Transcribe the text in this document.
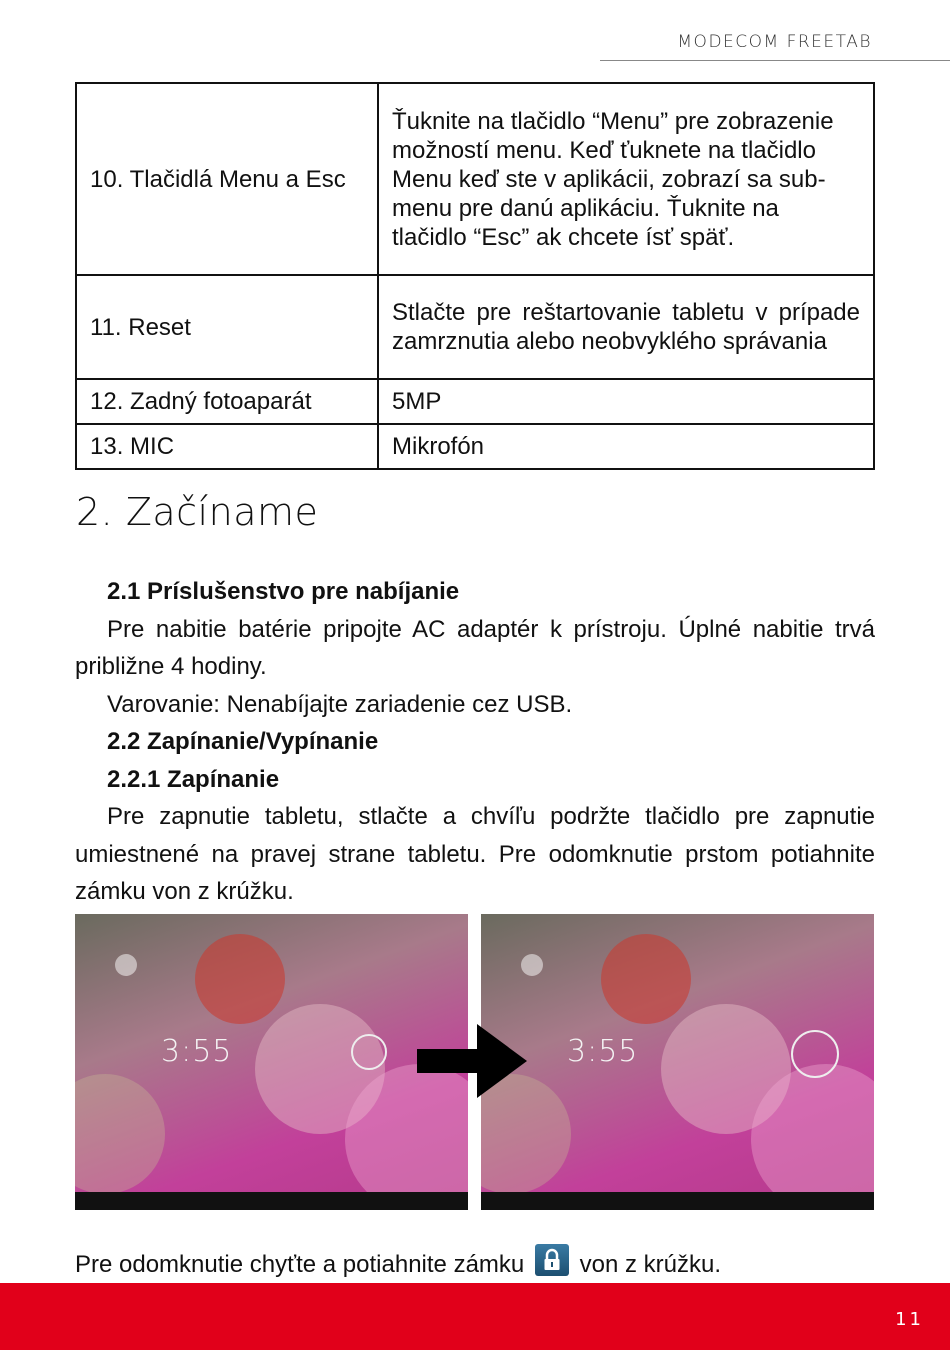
MODECOM FREETAB
10. Tlačidlá Menu a Esc	Ťuknite na tlačidlo “Menu” pre zobrazenie možností menu. Keď ťuknete na tlačidlo Menu keď ste v aplikácii, zobrazí sa sub-menu pre danú aplikáciu. Ťuknite na tlačidlo “Esc” ak chcete ísť späť.
11. Reset	Stlačte pre reštartovanie tabletu v prípade zamrznutia alebo neobvyklého správania
12. Zadný fotoaparát	5MP
13. MIC	Mikrofón
2. Začíname

2.1 Príslušenstvo pre nabíjanie

Pre nabitie batérie pripojte AC adaptér k prístroju. Úplné nabitie trvá približne 4 hodiny.

Varovanie: Nenabíjajte zariadenie cez USB.

2.2 Zapínanie/Vypínanie

2.2.1 Zapínanie

Pre zapnutie tabletu, stlačte a chvíľu podržte tlačidlo pre zapnutie umiestnené na pravej strane tabletu. Pre odomknutie prstom potiahnite zámku von z krúžku.

3:55	3:55
Pre odomknutie chyťte a potiahnite zámku von z krúžku.
11
